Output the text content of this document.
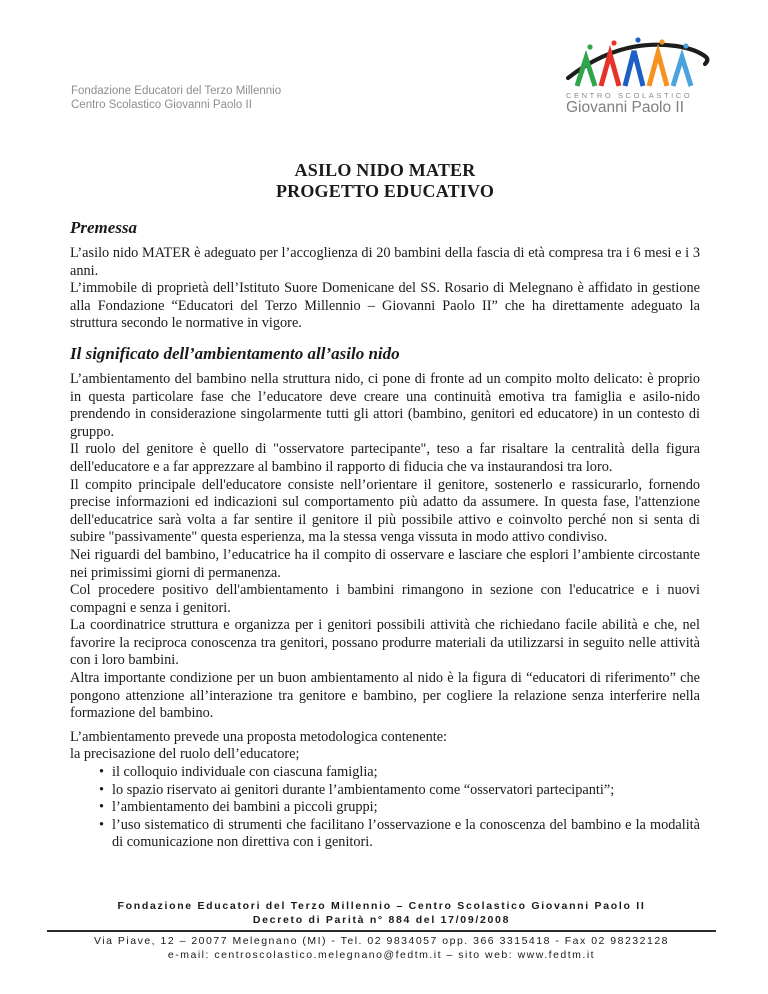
Fondazione Educatori del Terzo Millennio
Centro Scolastico Giovanni Paolo II
CENTRO SCOLASTICO
Giovanni Paolo II
ASILO NIDO MATER
PROGETTO EDUCATIVO
Premessa

L’asilo nido MATER è adeguato per l’accoglienza di 20 bambini della fascia di età compresa tra i 6 mesi e i 3 anni.

L’immobile di proprietà dell’Istituto Suore Domenicane del SS. Rosario di Melegnano è affidato in gestione alla Fondazione “Educatori del Terzo Millennio – Giovanni Paolo II” che ha direttamente adeguato la struttura secondo le normative in vigore.

Il significato dell’ambientamento all’asilo nido

L’ambientamento del bambino nella struttura nido, ci pone di fronte ad un compito molto delicato: è proprio in questa particolare fase che l’educatore deve creare una continuità emotiva tra famiglia e asilo-nido prendendo in considerazione singolarmente tutti gli attori (bambino, genitori ed educatore) in un contesto di gruppo.

Il ruolo del genitore è quello di "osservatore partecipante", teso a far risaltare la centralità della figura dell'educatore e a far apprezzare al bambino il rapporto di fiducia che va instaurandosi tra loro.

Il compito principale dell'educatore consiste nell’orientare il genitore, sostenerlo e rassicurarlo, fornendo precise informazioni ed indicazioni sul comportamento più adatto da assumere. In questa fase, l'attenzione dell'educatrice sarà volta a far sentire il genitore il più possibile attivo e coinvolto perché non si senta di subire "passivamente" questa esperienza, ma la stessa venga vissuta in modo attivo condiviso.

Nei riguardi del bambino, l’educatrice ha il compito di osservare e lasciare che esplori l’ambiente circostante nei primissimi giorni di permanenza.

Col procedere positivo dell'ambientamento i bambini rimangono in sezione con l'educatrice e i nuovi compagni e senza i genitori.

La coordinatrice struttura e organizza per i genitori possibili attività che richiedano facile abilità e che, nel favorire la reciproca conoscenza tra genitori, possano produrre materiali da utilizzarsi in seguito nelle attività con i loro bambini.

Altra importante condizione per un buon ambientamento al nido è la figura di “educatori di riferimento” che pongono attenzione all’interazione tra genitore e bambino, per cogliere la relazione senza interferire nella formazione del bambino.

L’ambientamento prevede una proposta metodologica contenente:

la precisazione del ruolo dell’educatore;

• il colloquio individuale con ciascuna famiglia;
• lo spazio riservato ai genitori durante l’ambientamento come “osservatori partecipanti”;
• l’ambientamento dei bambini a piccoli gruppi;
• l’uso sistematico di strumenti che facilitano l’osservazione e la conoscenza del bambino e la modalità di comunicazione non direttiva con i genitori.
Fondazione Educatori del Terzo Millennio – Centro Scolastico Giovanni Paolo II
Decreto di Parità n° 884 del 17/09/2008
Via Piave, 12 – 20077 Melegnano (MI) - Tel. 02 9834057 opp. 366 3315418 - Fax 02 98232128
e-mail: centroscolastico.melegnano@fedtm.it – sito web: www.fedtm.it
